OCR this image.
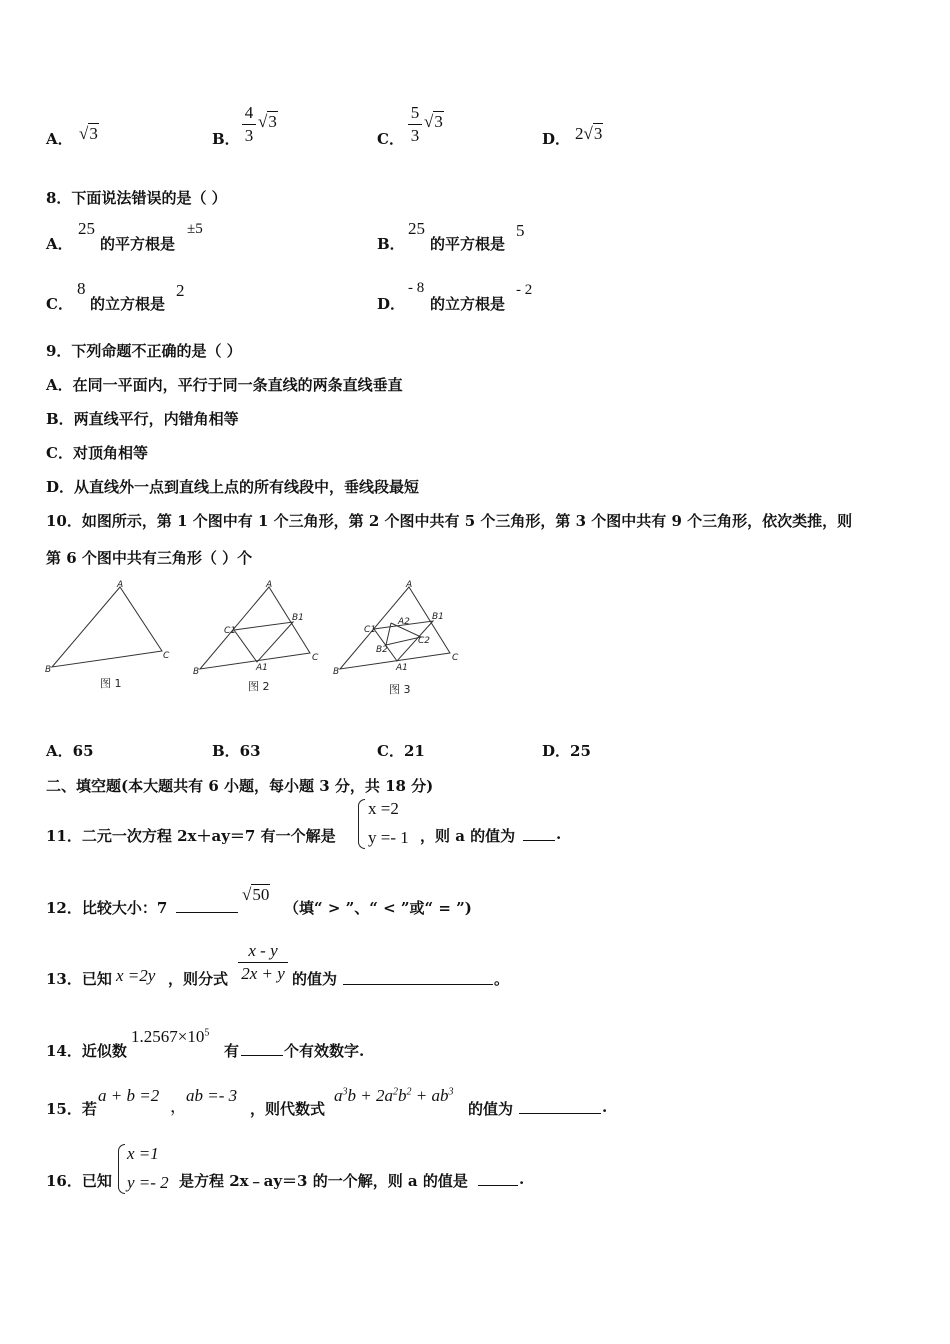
A． √3	B．
4
3
√3
C．
5
3
√3
D． 2√3
8．下面说法错误的是（ ）
A．
25
的平方根是
±5
B．
25
的平方根是
5
C．
8
的立方根是
2
D．
- 8
的立方根是
- 2
9．下列命题不正确的是（ ）
A．在同一平面内，平行于同一条直线的两条直线垂直
B．两直线平行，内错角相等
C．对顶角相等
D．从直线外一点到直线上点的所有线段中，垂线段最短
10．如图所示，第 1 个图中有 1 个三角形，第 2 个图中共有 5 个三角形，第 3 个图中共有 9 个三角形，依次类推，则
第 6 个图中共有三角形（ ）个
A
B
C
A
B
C
C1
B1
A1
A
B
C
C1
B1
A1
A2
B2
C2
图 1	图 2	图 3
A．65	B．63	C．21	D．25
二、填空题(本大题共有 6 小题，每小题 3 分，共 18 分)
11．二元一次方程 2x＋ay＝7 有一个解是
x =2
y =- 1 ，则 a 的值为	.
12．比较大小：7
√50
（填“ > ”、“ < ”或“ = ”)
13．已知 x =2y ，则分式
x - y
2x + y 的值为	。
14．近似数
$1.2567\times 10^5$
有	个有效数字.
15．若
a + b =2
，
ab =- 3
，则代数式
$a^3b + 2a^2b^2 + ab^3$
的值为	.
16．已知
x =1
y =- 2 是方程 2x﹣ay＝3 的一个解，则 a 的值是	.
